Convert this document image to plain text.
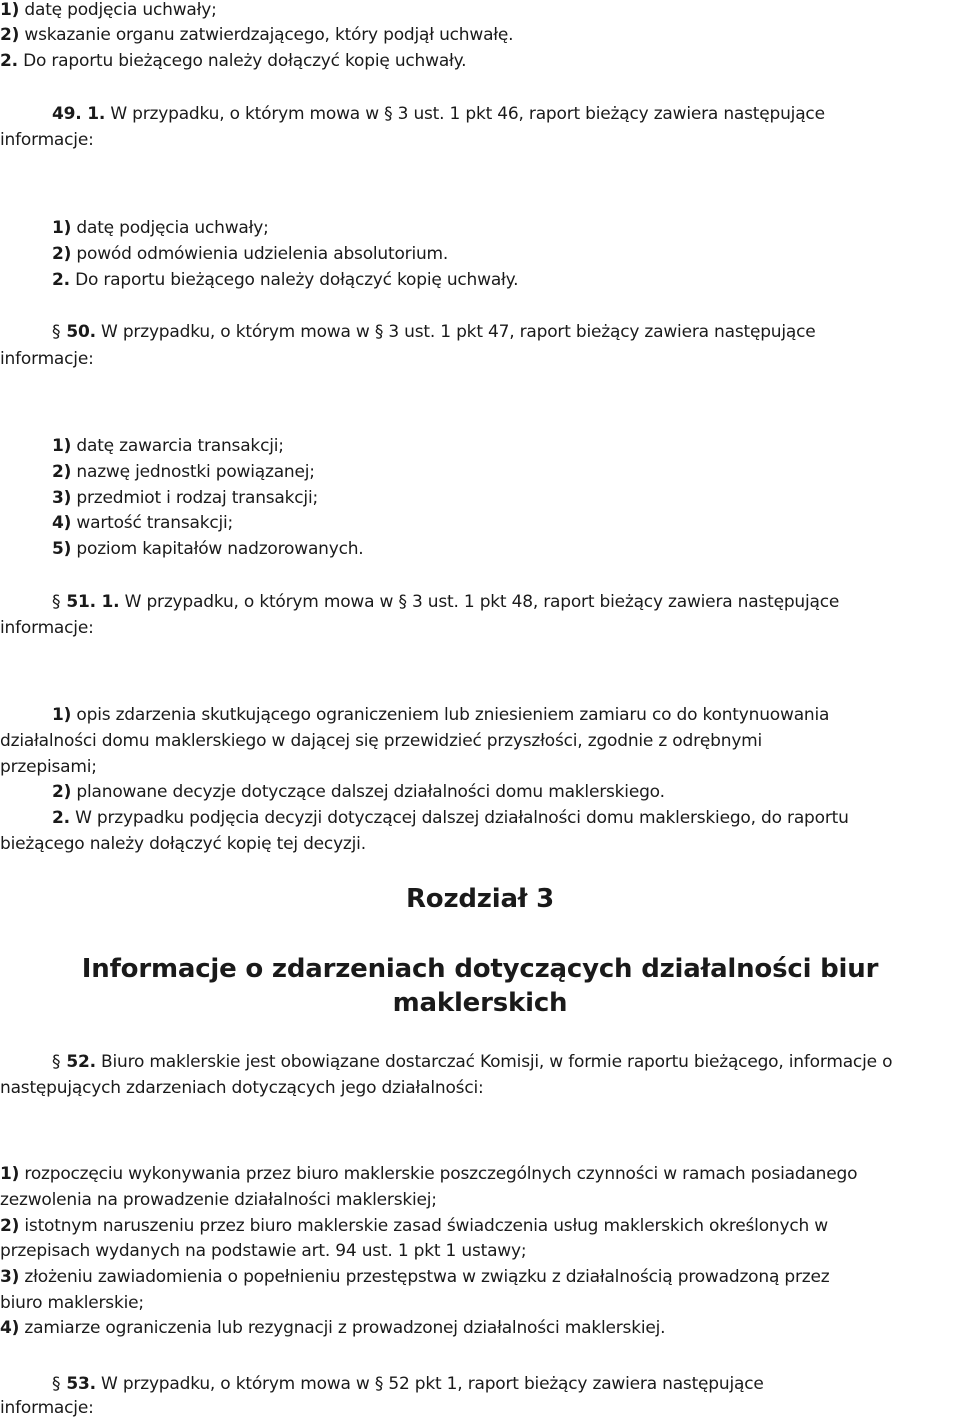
1) datę podjęcia uchwały;
2) wskazanie organu zatwierdzającego, który podjął uchwałę.
2. Do raportu bieżącego należy dołączyć kopię uchwały.
49. 1. W przypadku, o którym mowa w § 3 ust. 1 pkt 46, raport bieżący zawiera następujące
informacje:
1) datę podjęcia uchwały;
2) powód odmówienia udzielenia absolutorium.
2. Do raportu bieżącego należy dołączyć kopię uchwały.
§ 50. W przypadku, o którym mowa w § 3 ust. 1 pkt 47, raport bieżący zawiera następujące
informacje:
1) datę zawarcia transakcji;
2) nazwę jednostki powiązanej;
3) przedmiot i rodzaj transakcji;
4) wartość transakcji;
5) poziom kapitałów nadzorowanych.
§ 51. 1. W przypadku, o którym mowa w § 3 ust. 1 pkt 48, raport bieżący zawiera następujące
informacje:
1) opis zdarzenia skutkującego ograniczeniem lub zniesieniem zamiaru co do kontynuowania
działalności domu maklerskiego w dającej się przewidzieć przyszłości, zgodnie z odrębnymi
przepisami;
2) planowane decyzje dotyczące dalszej działalności domu maklerskiego.
2. W przypadku podjęcia decyzji dotyczącej dalszej działalności domu maklerskiego, do raportu
bieżącego należy dołączyć kopię tej decyzji.
Rozdział 3
Informacje o zdarzeniach dotyczących działalności biur
maklerskich
§ 52. Biuro maklerskie jest obowiązane dostarczać Komisji, w formie raportu bieżącego, informacje o
następujących zdarzeniach dotyczących jego działalności:
1) rozpoczęciu wykonywania przez biuro maklerskie poszczególnych czynności w ramach posiadanego
zezwolenia na prowadzenie działalności maklerskiej;
2) istotnym naruszeniu przez biuro maklerskie zasad świadczenia usług maklerskich określonych w
przepisach wydanych na podstawie art. 94 ust. 1 pkt 1 ustawy;
3) złożeniu zawiadomienia o popełnieniu przestępstwa w związku z działalnością prowadzoną przez
biuro maklerskie;
4) zamiarze ograniczenia lub rezygnacji z prowadzonej działalności maklerskiej.
§ 53. W przypadku, o którym mowa w § 52 pkt 1, raport bieżący zawiera następujące
informacje:
